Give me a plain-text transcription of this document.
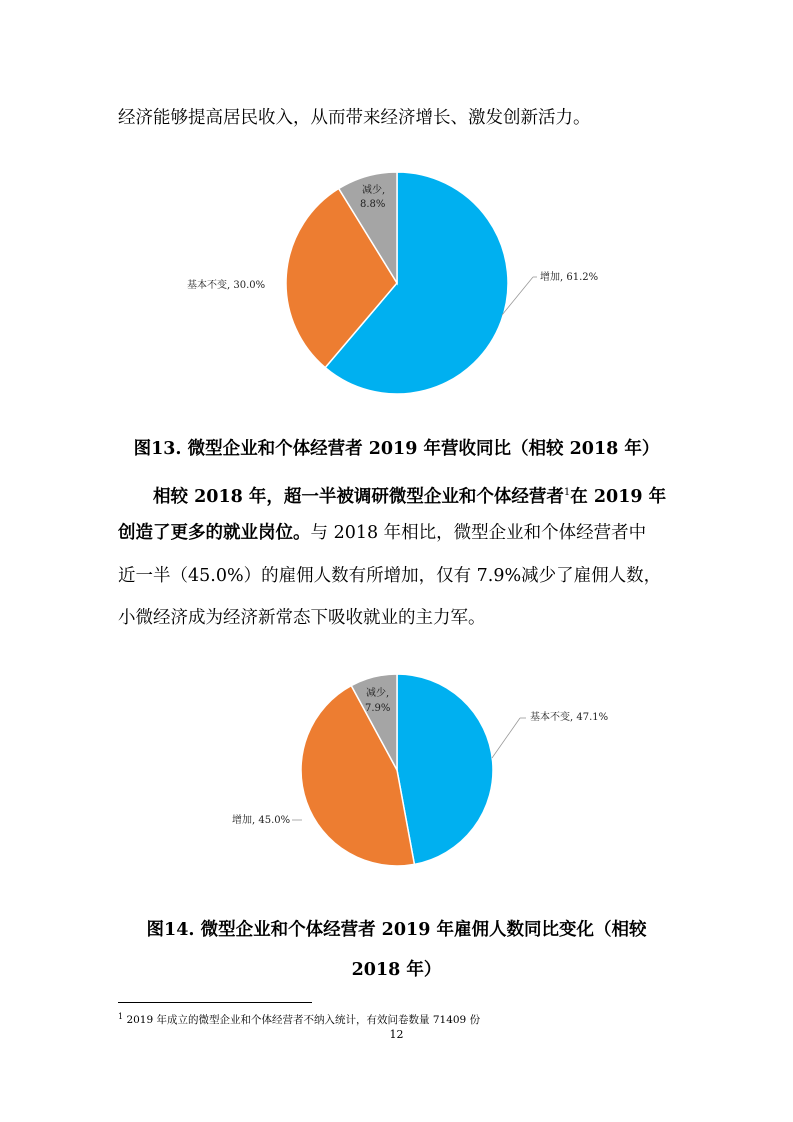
经济能够提高居民收入，从而带来经济增长、激发创新活力。
增加, 61.2%
基本不变, 30.0%
减少,
8.8%
图13. 微型企业和个体经营者 2019 年营收同比（相较 2018 年）
相较 2018 年，超一半被调研微型企业和个体经营者$^1$在 2019 年
创造了更多的就业岗位。与 2018 年相比，微型企业和个体经营者中
近一半（45.0%）的雇佣人数有所增加，仅有 7.9%减少了雇佣人数，
小微经济成为经济新常态下吸收就业的主力军。
基本不变, 47.1%
增加, 45.0%
减少,
7.9%
图14. 微型企业和个体经营者 2019 年雇佣人数同比变化（相较
2018 年）
$^1$ 2019 年成立的微型企业和个体经营者不纳入统计，有效问卷数量 71409 份
12
